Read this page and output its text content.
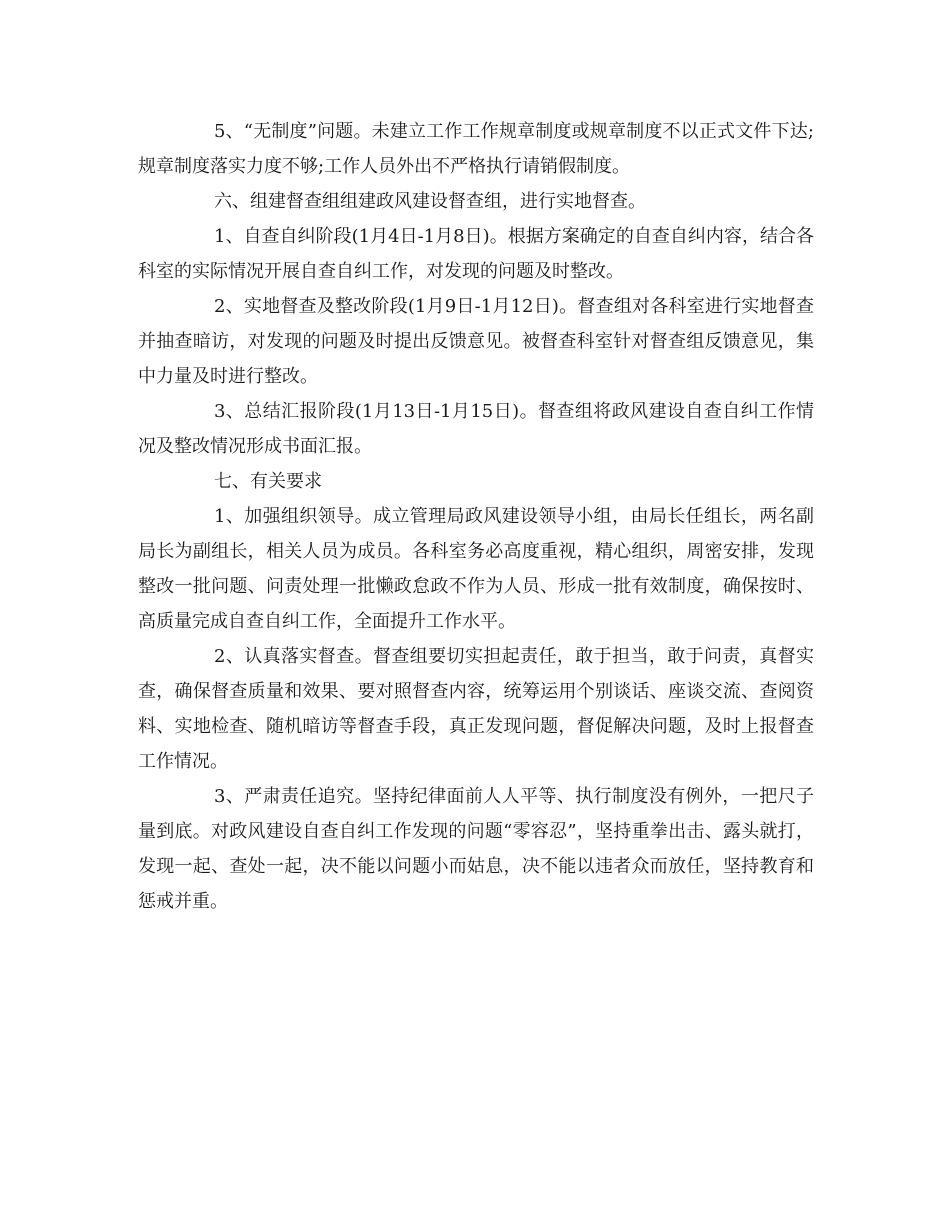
5、“无制度”问题。未建立工作工作规章制度或规章制度不以正式文件下达;规章制度落实力度不够;工作人员外出不严格执行请销假制度。

六、组建督查组组建政风建设督查组，进行实地督查。

1、自查自纠阶段(1月4日-1月8日)。根据方案确定的自查自纠内容，结合各科室的实际情况开展自查自纠工作，对发现的问题及时整改。

2、实地督查及整改阶段(1月9日-1月12日)。督查组对各科室进行实地督查并抽查暗访，对发现的问题及时提出反馈意见。被督查科室针对督查组反馈意见，集中力量及时进行整改。

3、总结汇报阶段(1月13日-1月15日)。督查组将政风建设自查自纠工作情况及整改情况形成书面汇报。

七、有关要求

1、加强组织领导。成立管理局政风建设领导小组，由局长任组长，两名副局长为副组长，相关人员为成员。各科室务必高度重视，精心组织，周密安排，发现整改一批问题、问责处理一批懒政怠政不作为人员、形成一批有效制度，确保按时、高质量完成自查自纠工作，全面提升工作水平。

2、认真落实督查。督查组要切实担起责任，敢于担当，敢于问责，真督实查，确保督查质量和效果、要对照督查内容，统筹运用个别谈话、座谈交流、查阅资料、实地检查、随机暗访等督查手段，真正发现问题，督促解决问题，及时上报督查工作情况。

3、严肃责任追究。坚持纪律面前人人平等、执行制度没有例外，一把尺子量到底。对政风建设自查自纠工作发现的问题“零容忍”，坚持重拳出击、露头就打，发现一起、查处一起，决不能以问题小而姑息，决不能以违者众而放任，坚持教育和惩戒并重。
